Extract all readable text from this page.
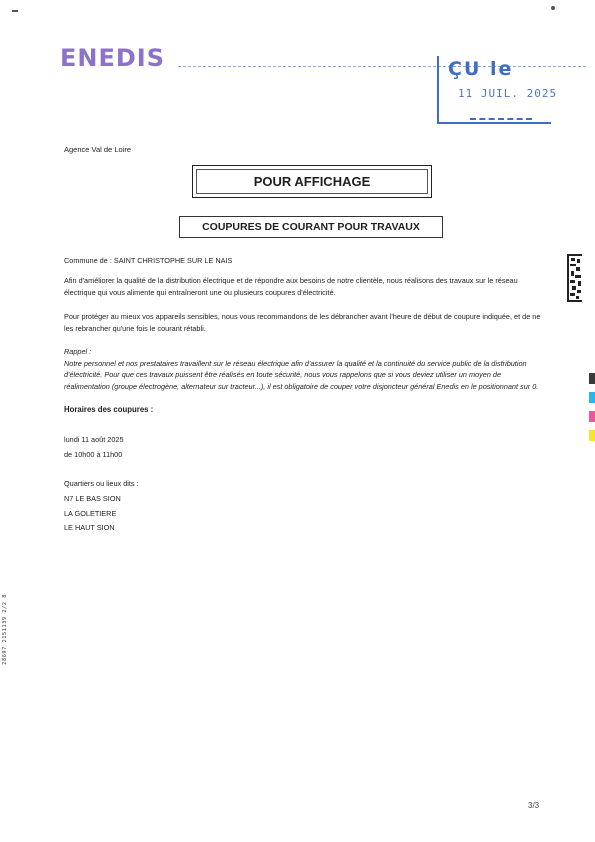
ENEDIS	ÇU le
11 JUIL. 2025
Agence Val de Loire
POUR AFFICHAGE
COUPURES DE COURANT POUR TRAVAUX
Commune de : SAINT CHRISTOPHE SUR LE NAIS
Afin d'améliorer la qualité de la distribution électrique et de répondre aux besoins de notre clientèle, nous réalisons des travaux sur le réseau électrique qui vous alimente qui entraîneront une ou plusieurs coupures d'électricité.
Pour protéger au mieux vos appareils sensibles, nous vous recommandons de les débrancher avant l'heure de début de coupure indiquée, et de ne les rebrancher qu'une fois le courant rétabli.
Rappel :
Notre personnel et nos prestataires travaillent sur le réseau électrique afin d'assurer la qualité et la continuité du service public de la distribution d'électricité. Pour que ces travaux puissent être réalisés en toute sécurité, nous vous rappelons que si vous deviez utiliser un moyen de réalimentation (groupe électrogène, alternateur sur tracteur...), il est obligatoire de couper votre disjoncteur général Enedis en le positionnant sur 0.
Horaires des coupures :
lundi 11 août 2025
de 10h00 à 11h00
Quartiers ou lieux dits :
N7 LE BAS SION
LA GOLETIERE
LE HAUT SION
28697 2151139 2/2 8
3/3
